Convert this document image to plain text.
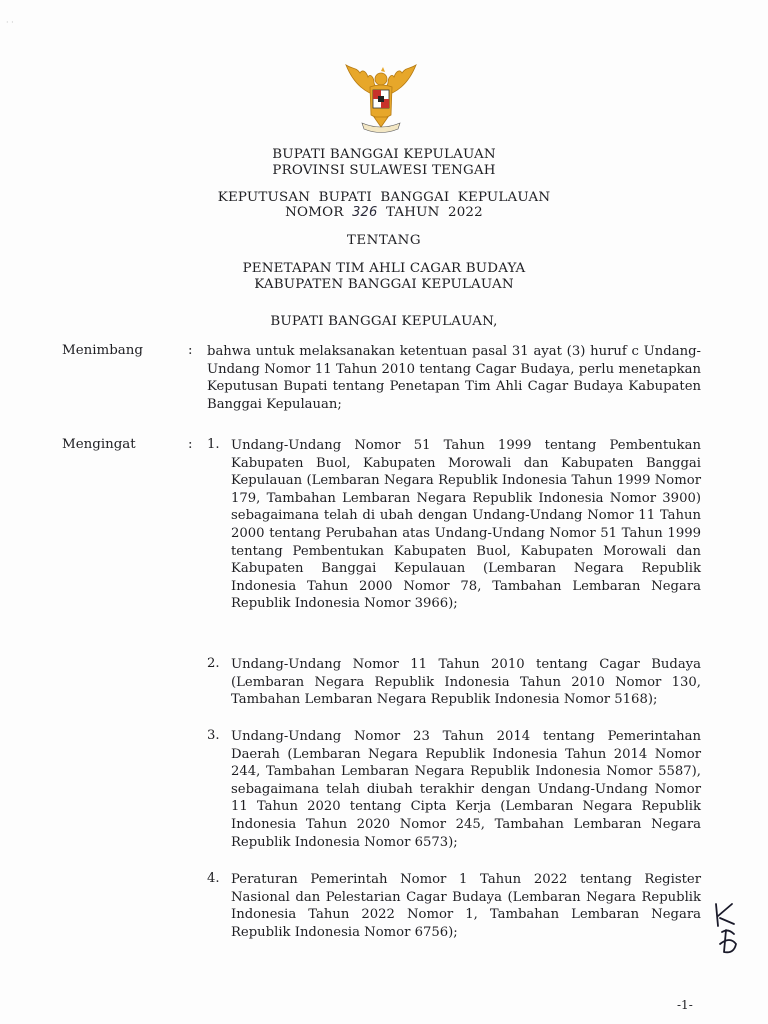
· ·
BUPATI BANGGAI KEPULAUAN
PROVINSI SULAWESI TENGAH
KEPUTUSAN BUPATI BANGGAI KEPULAUAN
NOMOR 326 TAHUN 2022
TENTANG
PENETAPAN TIM AHLI CAGAR BUDAYA
KABUPATEN BANGGAI KEPULAUAN
BUPATI BANGGAI KEPULAUAN,
Menimbang	: bahwa untuk melaksanakan ketentuan pasal 31 ayat (3) huruf c Undang-Undang Nomor 11 Tahun 2010 tentang Cagar Budaya, perlu menetapkan Keputusan Bupati tentang Penetapan Tim Ahli Cagar Budaya Kabupaten Banggai Kepulauan;
Mengingat	: 1. Undang-Undang Nomor 51 Tahun 1999 tentang Pembentukan Kabupaten Buol, Kabupaten Morowali dan Kabupaten Banggai Kepulauan (Lembaran Negara Republik Indonesia Tahun 1999 Nomor 179, Tambahan Lembaran Negara Republik Indonesia Nomor 3900) sebagaimana telah di ubah dengan Undang-Undang Nomor 11 Tahun 2000 tentang Perubahan atas Undang-Undang Nomor 51 Tahun 1999 tentang Pembentukan Kabupaten Buol, Kabupaten Morowali dan Kabupaten Banggai Kepulauan (Lembaran Negara Republik Indonesia Tahun 2000 Nomor 78, Tambahan Lembaran Negara Republik Indonesia Nomor 3966);
2. Undang-Undang Nomor 11 Tahun 2010 tentang Cagar Budaya (Lembaran Negara Republik Indonesia Tahun 2010 Nomor 130, Tambahan Lembaran Negara Republik Indonesia Nomor 5168);
3. Undang-Undang Nomor 23 Tahun 2014 tentang Pemerintahan Daerah (Lembaran Negara Republik Indonesia Tahun 2014 Nomor 244, Tambahan Lembaran Negara Republik Indonesia Nomor 5587), sebagaimana telah diubah terakhir dengan Undang-Undang Nomor 11 Tahun 2020 tentang Cipta Kerja (Lembaran Negara Republik Indonesia Tahun 2020 Nomor 245, Tambahan Lembaran Negara Republik Indonesia Nomor 6573);
4. Peraturan Pemerintah Nomor 1 Tahun 2022 tentang Register Nasional dan Pelestarian Cagar Budaya (Lembaran Negara Republik Indonesia Tahun 2022 Nomor 1, Tambahan Lembaran Negara Republik Indonesia Nomor 6756);
-1-
